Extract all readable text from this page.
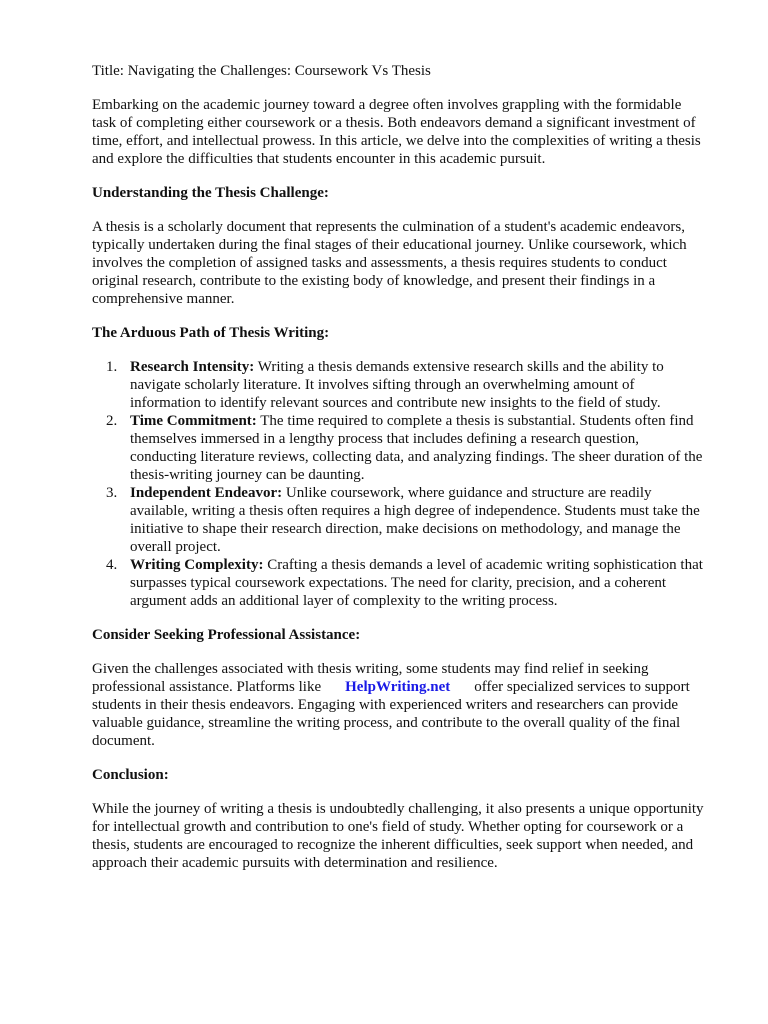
Title: Navigating the Challenges: Coursework Vs Thesis

Embarking on the academic journey toward a degree often involves grappling with the formidable task of completing either coursework or a thesis. Both endeavors demand a significant investment of time, effort, and intellectual prowess. In this article, we delve into the complexities of writing a thesis and explore the difficulties that students encounter in this academic pursuit.

Understanding the Thesis Challenge:

A thesis is a scholarly document that represents the culmination of a student's academic endeavors, typically undertaken during the final stages of their educational journey. Unlike coursework, which involves the completion of assigned tasks and assessments, a thesis requires students to conduct original research, contribute to the existing body of knowledge, and present their findings in a comprehensive manner.

The Arduous Path of Thesis Writing:

1. Research Intensity: Writing a thesis demands extensive research skills and the ability to navigate scholarly literature. It involves sifting through an overwhelming amount of information to identify relevant sources and contribute new insights to the field of study.
2. Time Commitment: The time required to complete a thesis is substantial. Students often find themselves immersed in a lengthy process that includes defining a research question, conducting literature reviews, collecting data, and analyzing findings. The sheer duration of the thesis-writing journey can be daunting.
3. Independent Endeavor: Unlike coursework, where guidance and structure are readily available, writing a thesis often requires a high degree of independence. Students must take the initiative to shape their research direction, make decisions on methodology, and manage the overall project.
4. Writing Complexity: Crafting a thesis demands a level of academic writing sophistication that surpasses typical coursework expectations. The need for clarity, precision, and a coherent argument adds an additional layer of complexity to the writing process.

Consider Seeking Professional Assistance:

Given the challenges associated with thesis writing, some students may find relief in seeking professional assistance. Platforms like HelpWriting.net offer specialized services to support students in their thesis endeavors. Engaging with experienced writers and researchers can provide valuable guidance, streamline the writing process, and contribute to the overall quality of the final document.

Conclusion:

While the journey of writing a thesis is undoubtedly challenging, it also presents a unique opportunity for intellectual growth and contribution to one's field of study. Whether opting for coursework or a thesis, students are encouraged to recognize the inherent difficulties, seek support when needed, and approach their academic pursuits with determination and resilience.
